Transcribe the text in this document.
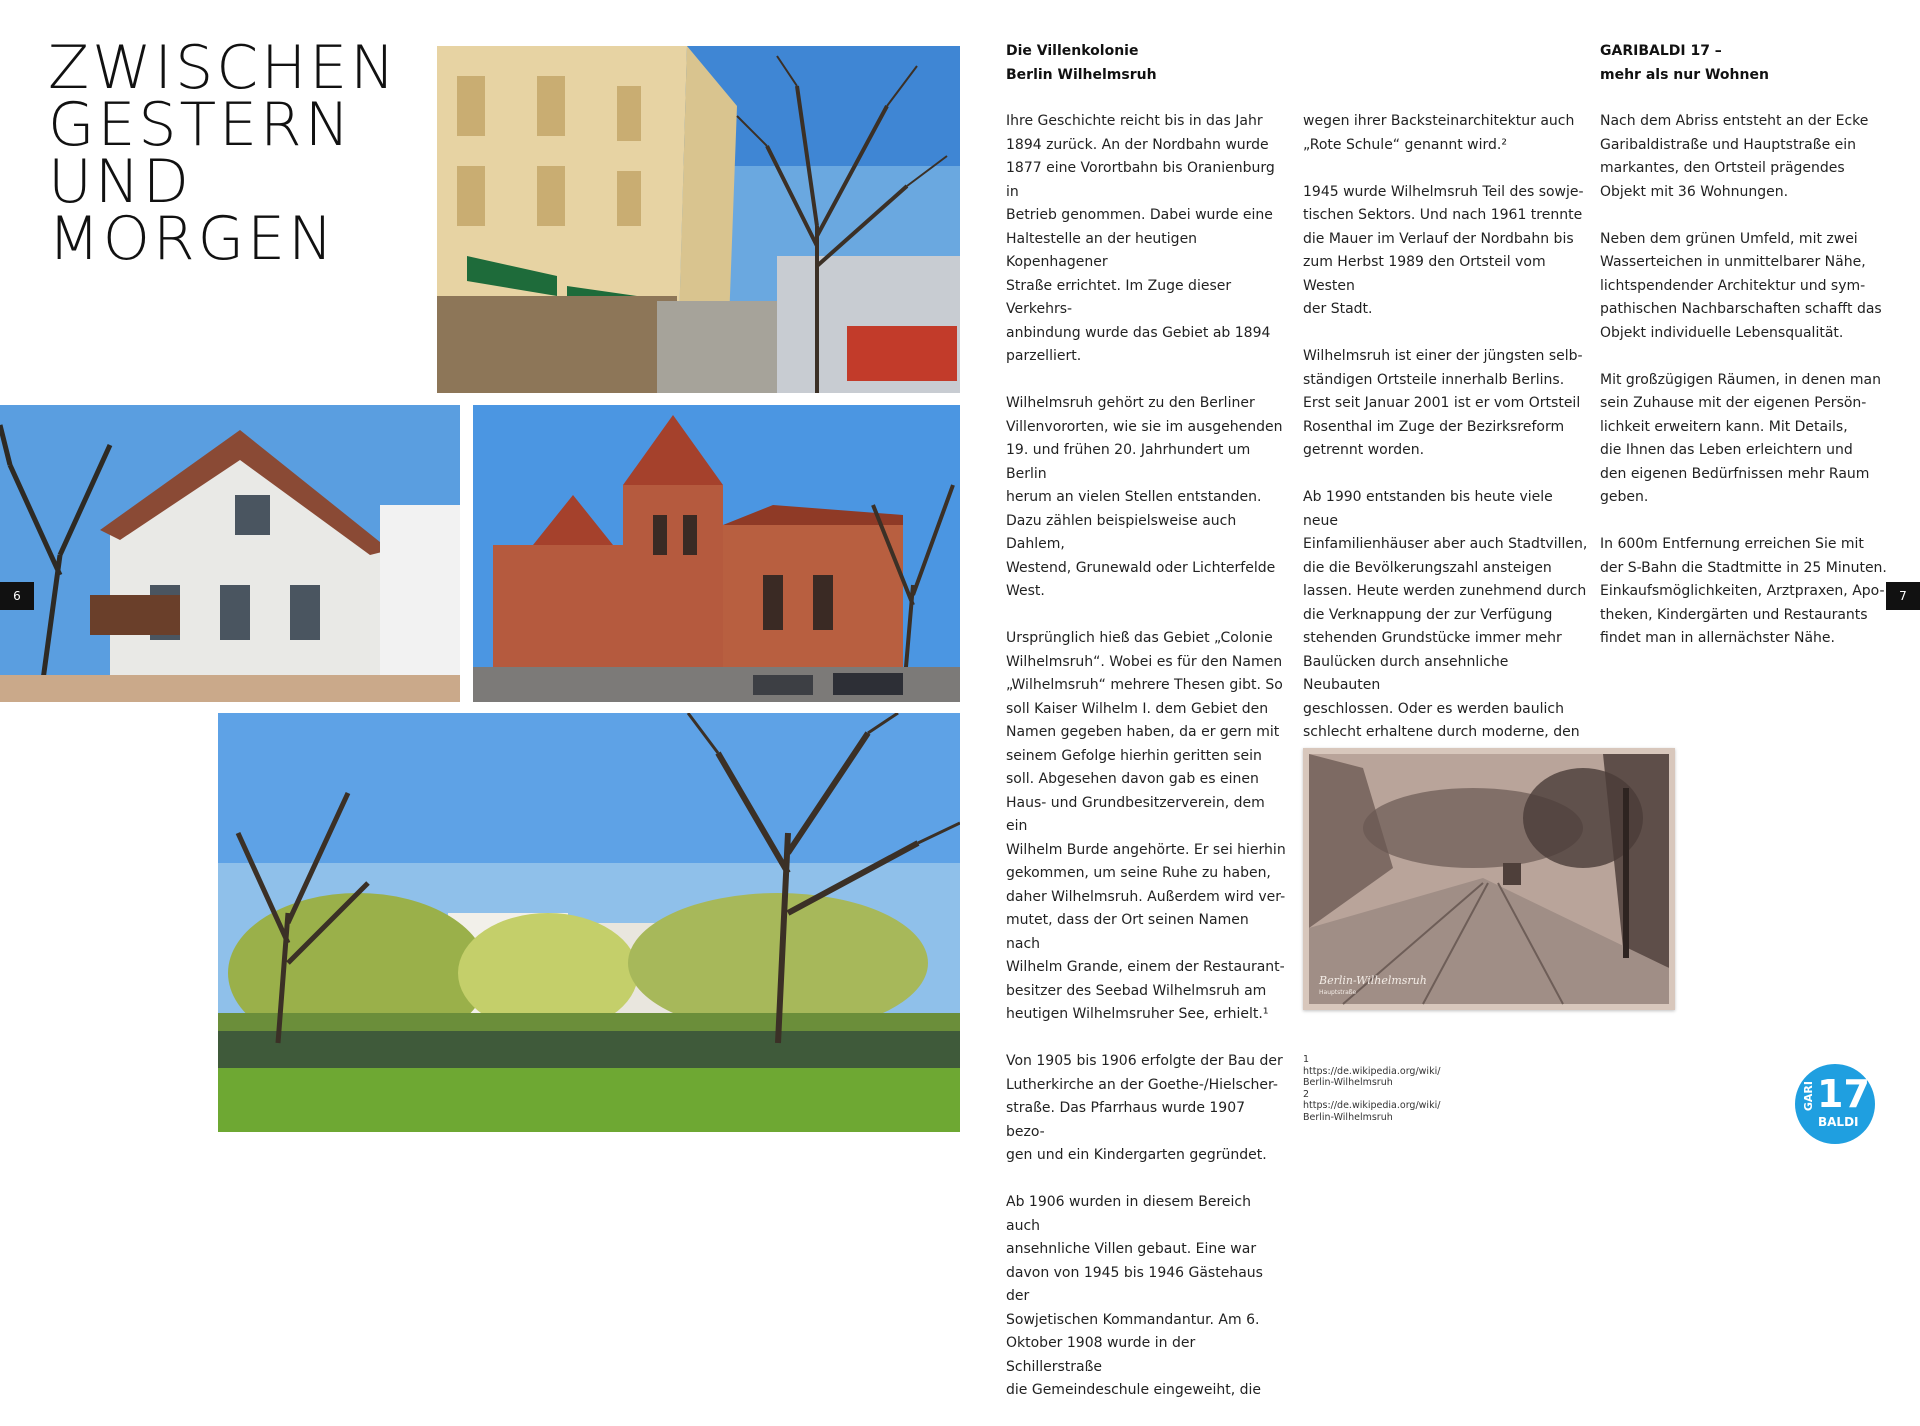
ZWISCHEN
GESTERN
UND
MORGEN
6	7
Die Villenkolonie
Berlin Wilhelmsruh

Ihre Geschichte reicht bis in das Jahr
1894 zurück. An der Nordbahn wurde
1877 eine Vorortbahn bis Oranienburg in
Betrieb genommen. Dabei wurde eine
Haltestelle an der heutigen Kopenhagener
Straße errichtet. Im Zuge dieser Verkehrs-
anbindung wurde das Gebiet ab 1894
parzelliert.

Wilhelmsruh gehört zu den Berliner
Villenvororten, wie sie im ausgehenden
19. und frühen 20. Jahrhundert um Berlin
herum an vielen Stellen entstanden.
Dazu zählen beispielsweise auch Dahlem,
Westend, Grunewald oder Lichterfelde
West.

Ursprünglich hieß das Gebiet „Colonie
Wilhelmsruh“. Wobei es für den Namen
„Wilhelmsruh“ mehrere Thesen gibt. So
soll Kaiser Wilhelm I. dem Gebiet den
Namen gegeben haben, da er gern mit
seinem Gefolge hierhin geritten sein
soll. Abgesehen davon gab es einen
Haus- und Grundbesitzerverein, dem ein
Wilhelm Burde angehörte. Er sei hierhin
gekommen, um seine Ruhe zu haben,
daher Wilhelmsruh. Außerdem wird ver-
mutet, dass der Ort seinen Namen nach
Wilhelm Grande, einem der Restaurant-
besitzer des Seebad Wilhelmsruh am
heutigen Wilhelmsruher See, erhielt.¹

Von 1905 bis 1906 erfolgte der Bau der
Lutherkirche an der Goethe-/Hielscher-
straße. Das Pfarrhaus wurde 1907 bezo-
gen und ein Kindergarten gegründet.

Ab 1906 wurden in diesem Bereich auch
ansehnliche Villen gebaut. Eine war
davon von 1945 bis 1946 Gästehaus der
Sowjetischen Kommandantur. Am 6.
Oktober 1908 wurde in der Schillerstraße
die Gemeindeschule eingeweiht, die

wegen ihrer Backsteinarchitektur auch
„Rote Schule“ genannt wird.²

1945 wurde Wilhelmsruh Teil des sowje-
tischen Sektors. Und nach 1961 trennte
die Mauer im Verlauf der Nordbahn bis
zum Herbst 1989 den Ortsteil vom Westen
der Stadt.

Wilhelmsruh ist einer der jüngsten selb-
ständigen Ortsteile innerhalb Berlins.
Erst seit Januar 2001 ist er vom Ortsteil
Rosenthal im Zuge der Bezirksreform
getrennt worden.

Ab 1990 entstanden bis heute viele neue
Einfamilienhäuser aber auch Stadtvillen,
die die Bevölkerungszahl ansteigen
lassen. Heute werden zunehmend durch
die Verknappung der zur Verfügung
stehenden Grundstücke immer mehr
Baulücken durch ansehnliche Neubauten
geschlossen. Oder es werden baulich
schlecht erhaltene durch moderne, den

Berlin-Wilhelmsruh
Hauptstraße

1

https://de.wikipedia.org/wiki/

Berlin-Wilhelmsruh

2

https://de.wikipedia.org/wiki/

Berlin-Wilhelmsruh

GARIBALDI 17 –
mehr als nur Wohnen

Nach dem Abriss entsteht an der Ecke
Garibaldistraße und Hauptstraße ein
markantes, den Ortsteil prägendes
Objekt mit 36 Wohnungen.

Neben dem grünen Umfeld, mit zwei
Wasserteichen in unmittelbarer Nähe,
lichtspendender Architektur und sym-
pathischen Nachbarschaften schafft das
Objekt individuelle Lebensqualität.

Mit großzügigen Räumen, in denen man
sein Zuhause mit der eigenen Persön-
lichkeit erweitern kann. Mit Details,
die Ihnen das Leben erleichtern und
den eigenen Bedürfnissen mehr Raum
geben.

In 600m Entfernung erreichen Sie mit
der S-Bahn die Stadtmitte in 25 Minuten.
Einkaufsmöglichkeiten, Arztpraxen, Apo-
theken, Kindergärten und Restaurants
findet man in allernächster Nähe.

GARI 17
BALDI
